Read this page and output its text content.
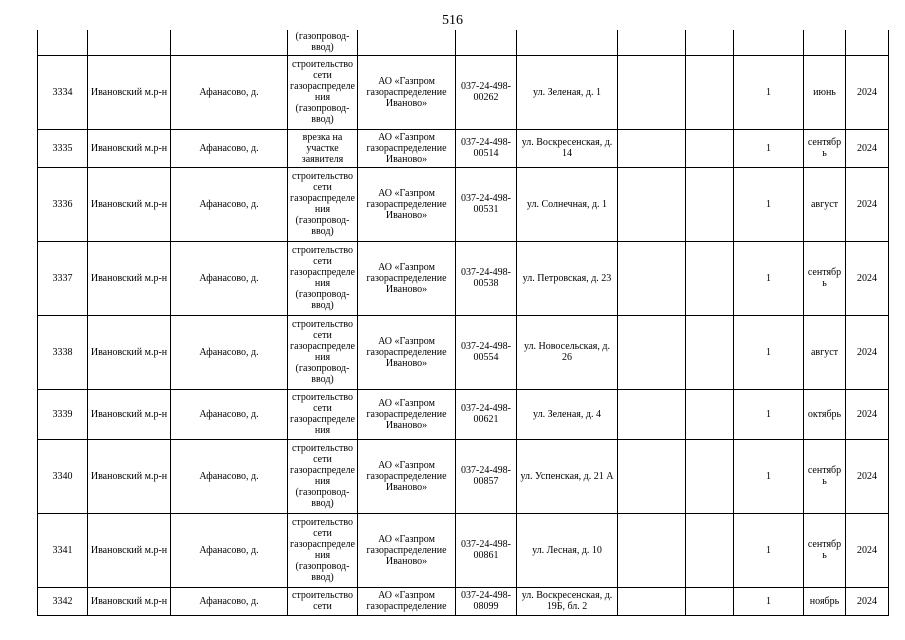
516
			(газопровод-ввод)								
3334	Ивановский м.р-н	Афанасово, д.	строительство сети газораспределения (газопровод-ввод)	АО «Газпром газораспределение Иваново»	037-24-498-00262	ул. Зеленая, д. 1			1	июнь	2024
3335	Ивановский м.р-н	Афанасово, д.	врезка на участке заявителя	АО «Газпром газораспределение Иваново»	037-24-498-00514	ул. Воскресенская, д. 14			1	сентябрь	2024
3336	Ивановский м.р-н	Афанасово, д.	строительство сети газораспределения (газопровод-ввод)	АО «Газпром газораспределение Иваново»	037-24-498-00531	ул. Солнечная, д. 1			1	август	2024
3337	Ивановский м.р-н	Афанасово, д.	строительство сети газораспределения (газопровод-ввод)	АО «Газпром газораспределение Иваново»	037-24-498-00538	ул. Петровская, д. 23			1	сентябрь	2024
3338	Ивановский м.р-н	Афанасово, д.	строительство сети газораспределения (газопровод-ввод)	АО «Газпром газораспределение Иваново»	037-24-498-00554	ул. Новосельская, д. 26			1	август	2024
3339	Ивановский м.р-н	Афанасово, д.	строительство сети газораспределения	АО «Газпром газораспределение Иваново»	037-24-498-00621	ул. Зеленая, д. 4			1	октябрь	2024
3340	Ивановский м.р-н	Афанасово, д.	строительство сети газораспределения (газопровод-ввод)	АО «Газпром газораспределение Иваново»	037-24-498-00857	ул. Успенская, д. 21 А			1	сентябрь	2024
3341	Ивановский м.р-н	Афанасово, д.	строительство сети газораспределения (газопровод-ввод)	АО «Газпром газораспределение Иваново»	037-24-498-00861	ул. Лесная, д. 10			1	сентябрь	2024
3342	Ивановский м.р-н	Афанасово, д.	строительство сети	АО «Газпром газораспределение	037-24-498-08099	ул. Воскресенская, д. 19Б, бл. 2			1	ноябрь	2024
